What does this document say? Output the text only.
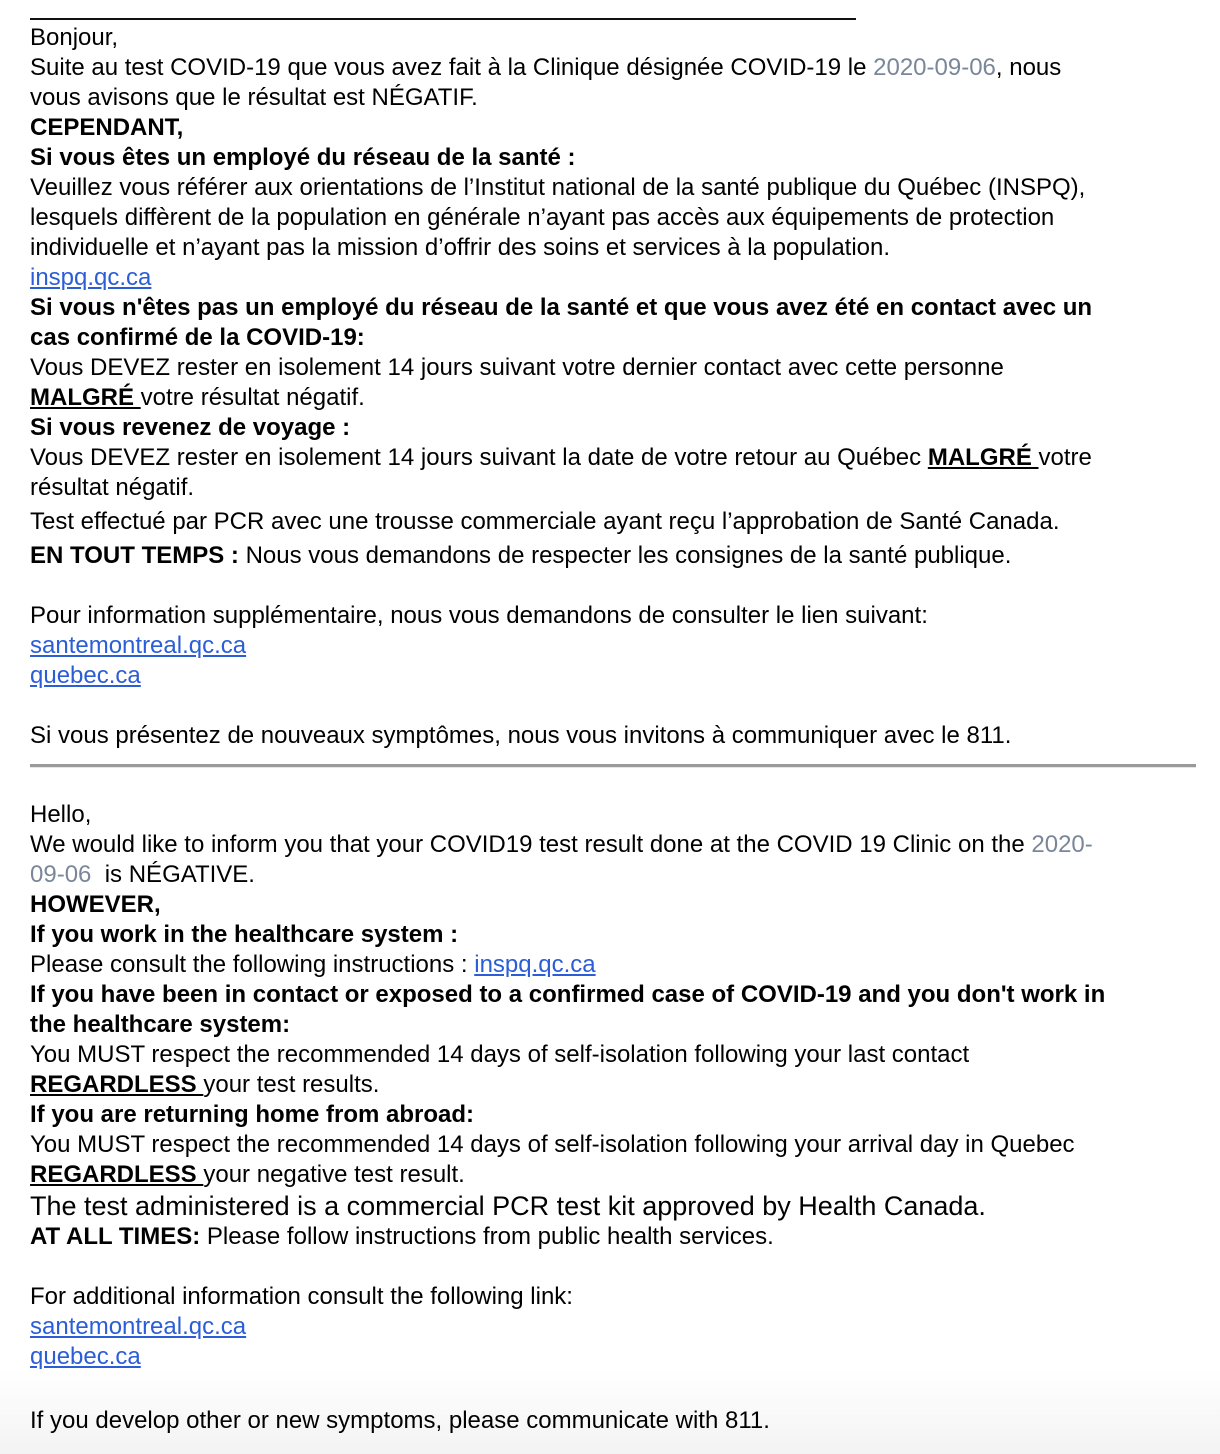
Bonjour,
Suite au test COVID-19 que vous avez fait à la Clinique désignée COVID-19 le 2020-09-06, nous
vous avisons que le résultat est NÉGATIF.
CEPENDANT,
Si vous êtes un employé du réseau de la santé :
Veuillez vous référer aux orientations de l’Institut national de la santé publique du Québec (INSPQ),
lesquels diffèrent de la population en générale n’ayant pas accès aux équipements de protection
individuelle et n’ayant pas la mission d’offrir des soins et services à la population.
inspq.qc.ca
Si vous n'êtes pas un employé du réseau de la santé et que vous avez été en contact avec un
cas confirmé de la COVID-19:
Vous DEVEZ rester en isolement 14 jours suivant votre dernier contact avec cette personne
MALGRÉ votre résultat négatif.
Si vous revenez de voyage :
Vous DEVEZ rester en isolement 14 jours suivant la date de votre retour au Québec MALGRÉ votre
résultat négatif.
Test effectué par PCR avec une trousse commerciale ayant reçu l’approbation de Santé Canada.
EN TOUT TEMPS : Nous vous demandons de respecter les consignes de la santé publique.

Pour information supplémentaire, nous vous demandons de consulter le lien suivant:
santemontreal.qc.ca
quebec.ca

Si vous présentez de nouveaux symptômes, nous vous invitons à communiquer avec le 811.
Hello,
We would like to inform you that your COVID19 test result done at the COVID 19 Clinic on the 2020-
09-06  is NÉGATIVE.
HOWEVER,
If you work in the healthcare system :
Please consult the following instructions : inspq.qc.ca
If you have been in contact or exposed to a confirmed case of COVID-19 and you don't work in
the healthcare system:
You MUST respect the recommended 14 days of self-isolation following your last contact
REGARDLESS your test results.
If you are returning home from abroad:
You MUST respect the recommended 14 days of self-isolation following your arrival day in Quebec
REGARDLESS your negative test result.
The test administered is a commercial PCR test kit approved by Health Canada.
AT ALL TIMES: Please follow instructions from public health services.

For additional information consult the following link:
santemontreal.qc.ca
quebec.ca

If you develop other or new symptoms, please communicate with 811.
